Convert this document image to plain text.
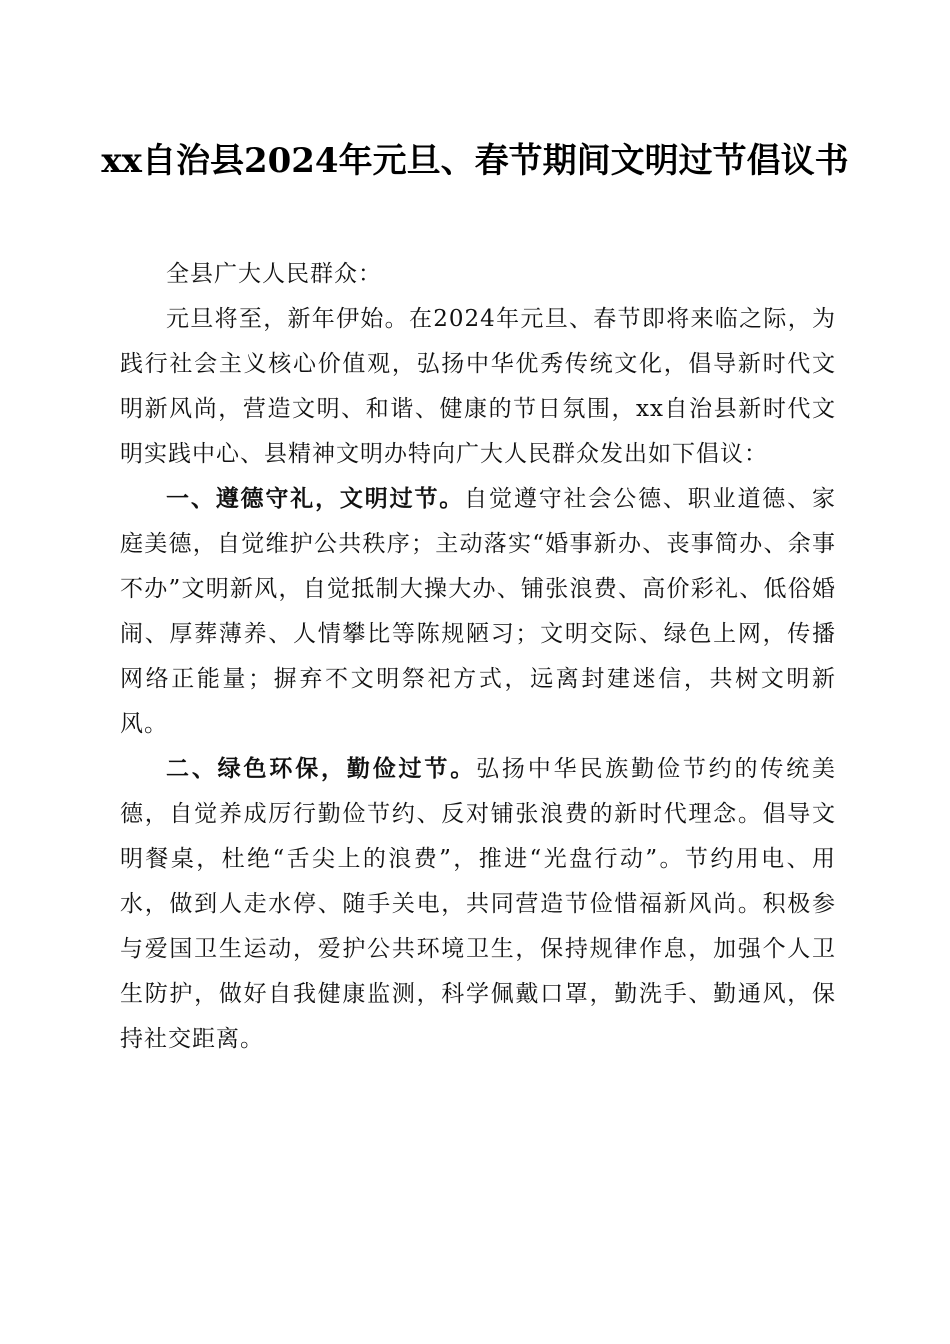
xx自治县2024年元旦、春节期间文明过节倡议书

全县广大人民群众：

元旦将至，新年伊始。在2024年元旦、春节即将来临之际，为践行社会主义核心价值观，弘扬中华优秀传统文化，倡导新时代文明新风尚，营造文明、和谐、健康的节日氛围，xx自治县新时代文明实践中心、县精神文明办特向广大人民群众发出如下倡议：

一、遵德守礼，文明过节。自觉遵守社会公德、职业道德、家庭美德，自觉维护公共秩序；主动落实“婚事新办、丧事简办、余事不办”文明新风，自觉抵制大操大办、铺张浪费、高价彩礼、低俗婚闹、厚葬薄养、人情攀比等陈规陋习；文明交际、绿色上网，传播网络正能量；摒弃不文明祭祀方式，远离封建迷信，共树文明新风。

二、绿色环保，勤俭过节。弘扬中华民族勤俭节约的传统美德，自觉养成厉行勤俭节约、反对铺张浪费的新时代理念。倡导文明餐桌，杜绝“舌尖上的浪费”，推进“光盘行动”。节约用电、用水，做到人走水停、随手关电，共同营造节俭惜福新风尚。积极参与爱国卫生运动，爱护公共环境卫生，保持规律作息，加强个人卫生防护，做好自我健康监测，科学佩戴口罩，勤洗手、勤通风，保持社交距离。
